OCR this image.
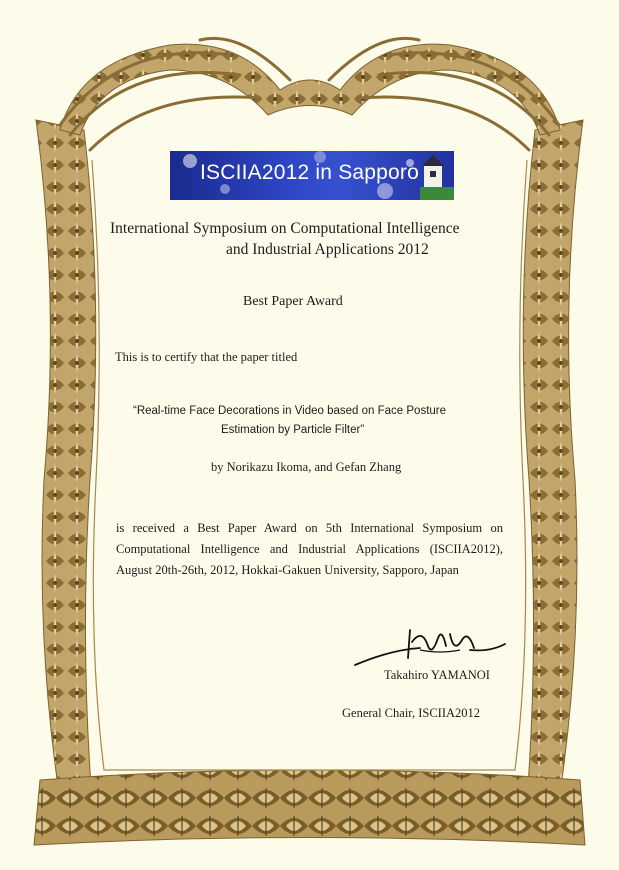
ISCIIA2012 in Sapporo
International Symposium on Computational Intelligence
and Industrial Applications 2012
Best Paper Award
This is to certify that the paper titled
“Real-time Face Decorations in Video based on Face Posture
Estimation by Particle Filter”
by Norikazu Ikoma, and Gefan Zhang
is received a Best Paper Award on 5th International Symposium on Computational Intelligence and Industrial Applications (ISCIIA2012), August 20th-26th, 2012, Hokkai-Gakuen University, Sapporo, Japan
Takahiro YAMANOI
General Chair, ISCIIA2012
